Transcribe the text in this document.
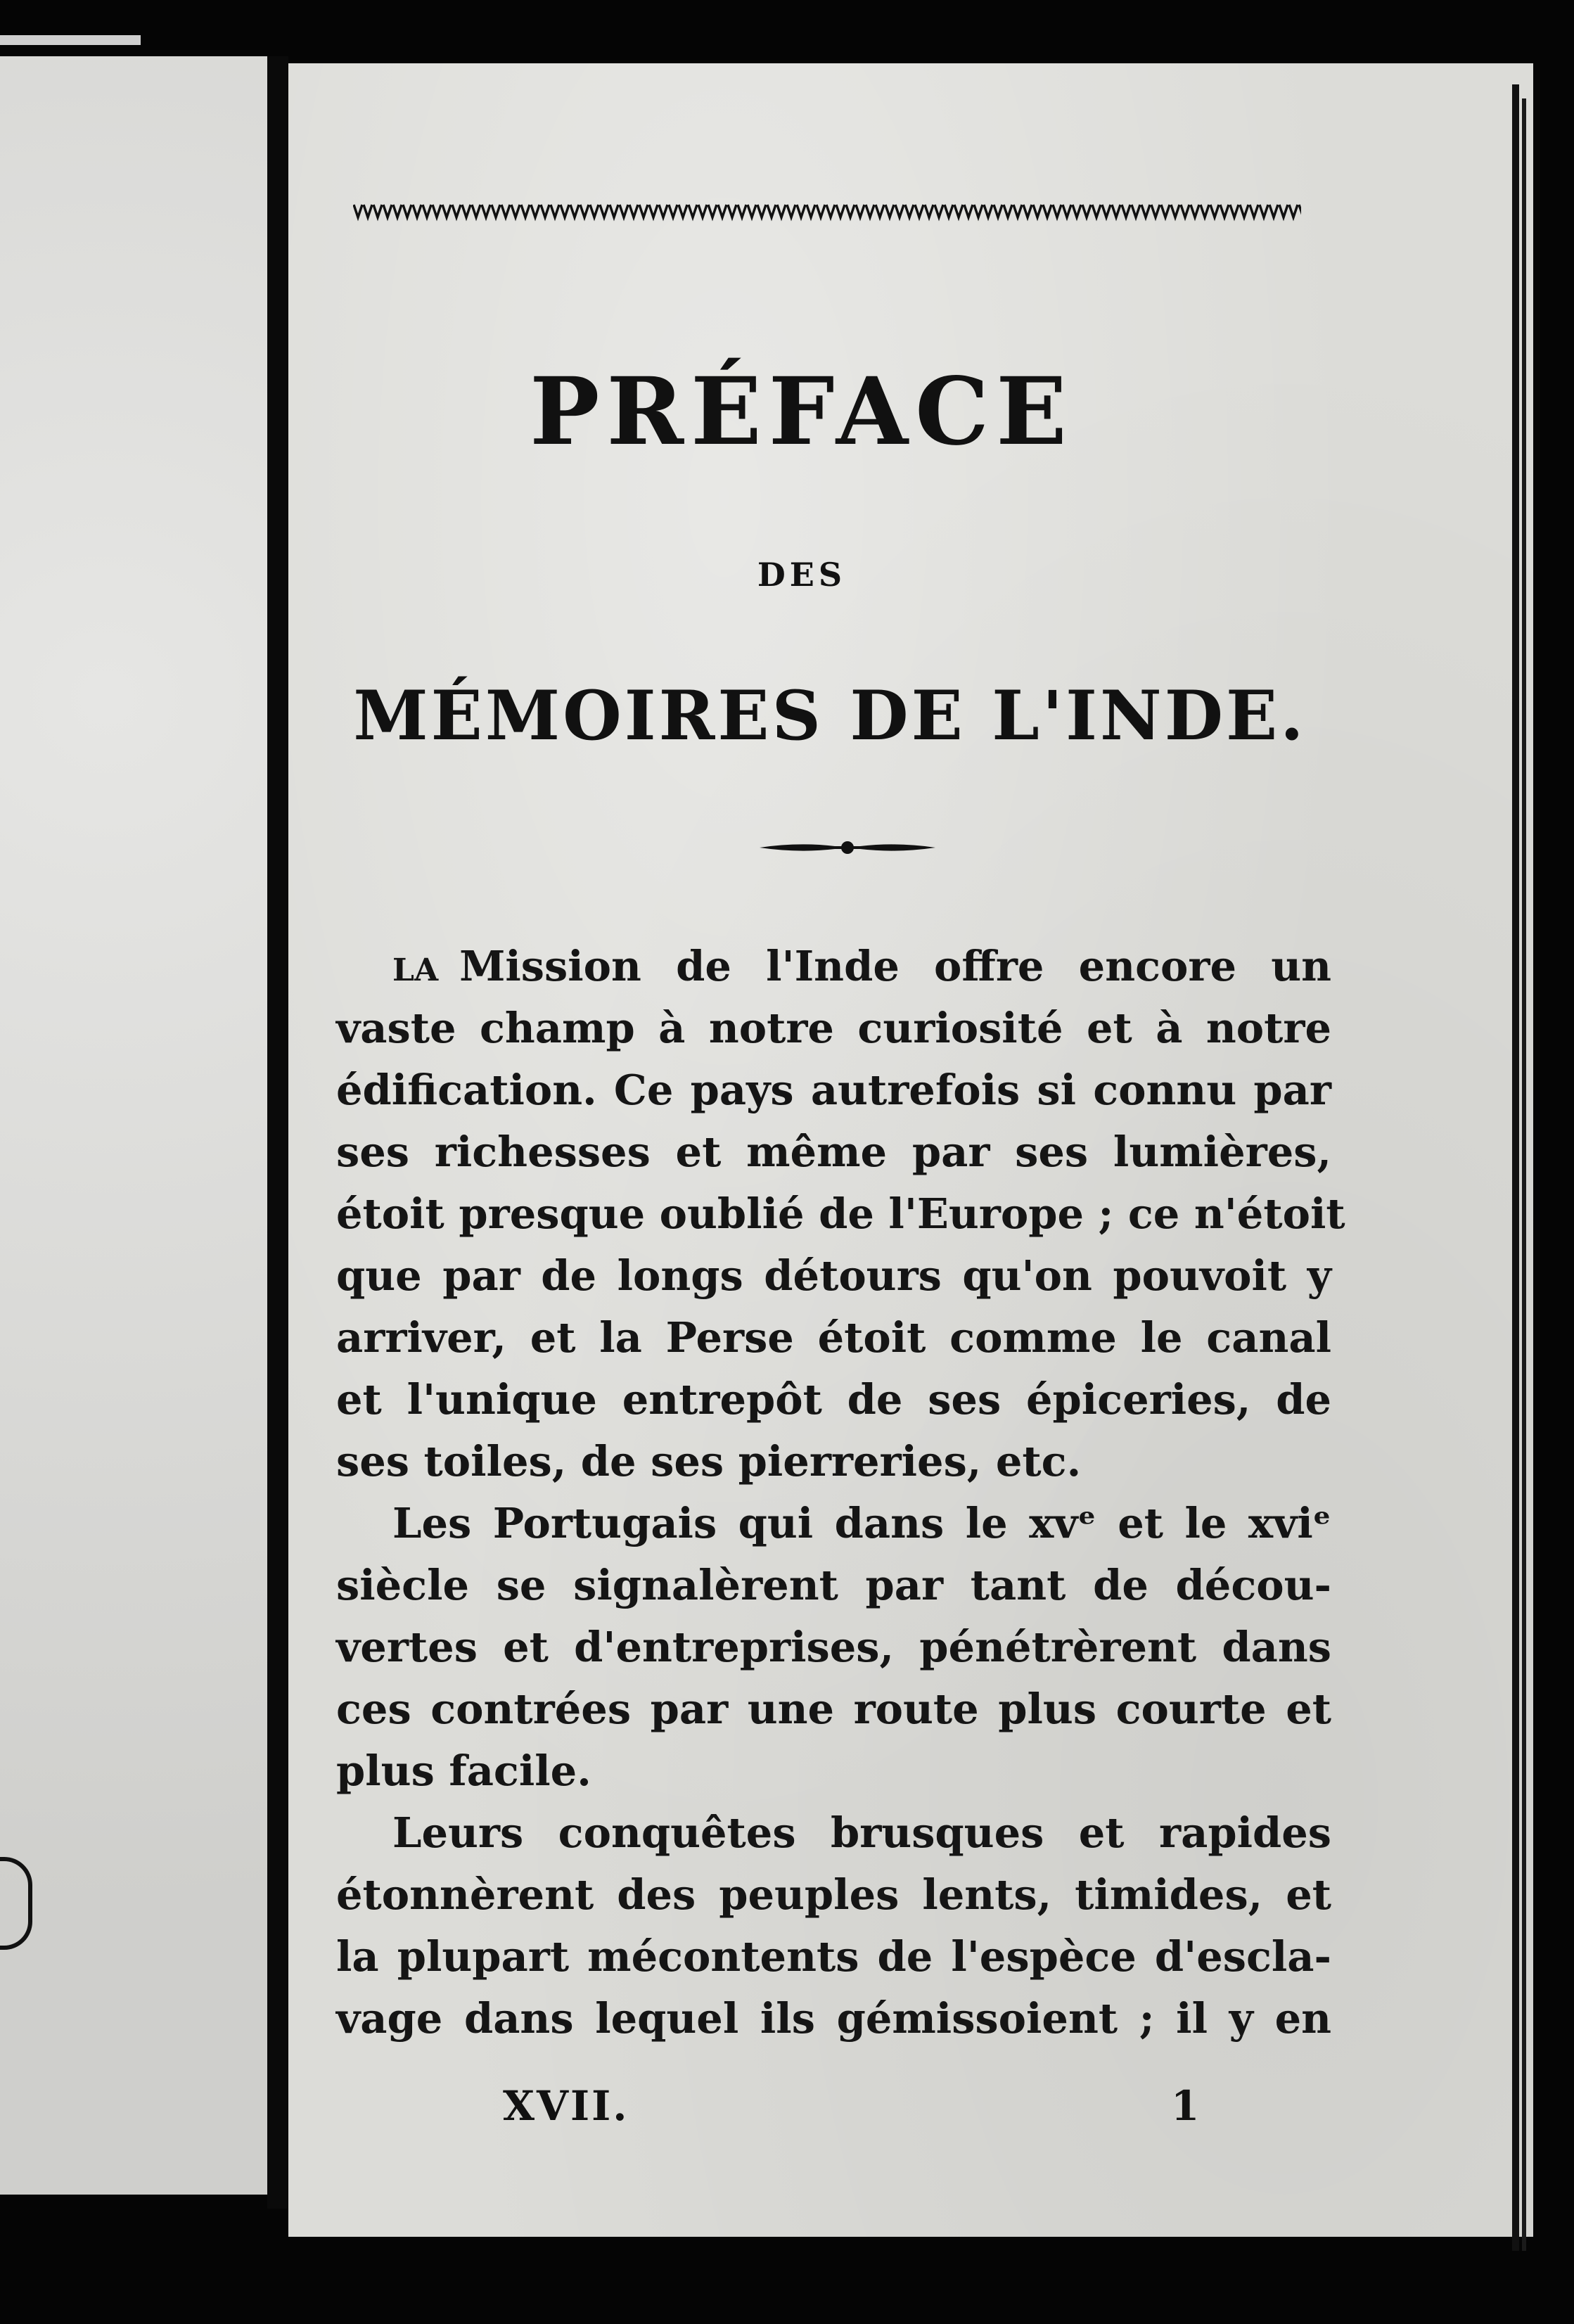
PRÉFACE
DES
MÉMOIRES DE L'INDE.
LA Mission de l'Inde offre encore un
vaste champ à notre curiosité et à notre
édification. Ce pays autrefois si connu par
ses richesses et même par ses lumières,
étoit presque oublié de l'Europe ; ce n'étoit
que par de longs détours qu'on pouvoit y
arriver, et la Perse étoit comme le canal
et l'unique entrepôt de ses épiceries, de
ses toiles, de ses pierreries, etc.
Les Portugais qui dans le xvᵉ et le xviᵉ
siècle se signalèrent par tant de décou-
vertes et d'entreprises, pénétrèrent dans
ces contrées par une route plus courte et
plus facile.
Leurs conquêtes brusques et rapides
étonnèrent des peuples lents, timides, et
la plupart mécontents de l'espèce d'escla-
vage dans lequel ils gémissoient ; il y en
XVII.	1
